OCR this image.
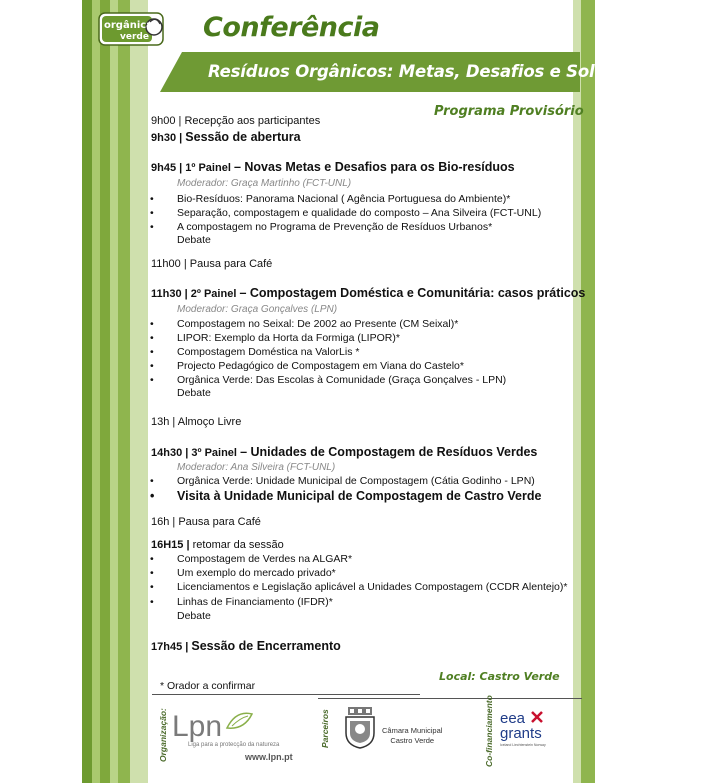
orgânica
verde Conferência
Resíduos Orgânicos: Metas, Desafios e Soluções
Programa Provisório
9h00 | Recepção aos participantes
9h30 | Sessão de abertura
9h45 | 1º Painel – Novas Metas e Desafios para os Bio-resíduos
Moderador: Graça Martinho (FCT-UNL)
• Bio-Resíduos: Panorama Nacional ( Agência Portuguesa do Ambiente)*
• Separação, compostagem e qualidade do composto – Ana Silveira (FCT-UNL)
• A compostagem no Programa de Prevenção de Resíduos Urbanos*
Debate
11h00 | Pausa para Café
11h30 | 2º Painel – Compostagem Doméstica e Comunitária: casos práticos
Moderador: Graça Gonçalves (LPN)
• Compostagem no Seixal: De 2002 ao Presente (CM Seixal)*
• LIPOR: Exemplo da Horta da Formiga (LIPOR)*
• Compostagem Doméstica na ValorLis *
• Projecto Pedagógico de Compostagem em Viana do Castelo*
• Orgânica Verde: Das Escolas à Comunidade (Graça Gonçalves - LPN)
Debate
13h | Almoço Livre
14h30 | 3º Painel – Unidades de Compostagem de Resíduos Verdes
Moderador: Ana Silveira (FCT-UNL)
• Orgânica Verde: Unidade Municipal de Compostagem (Cátia Godinho - LPN)
• Visita à Unidade Municipal de Compostagem de Castro Verde
16h | Pausa para Café
16H15 | retomar da sessão
• Compostagem de Verdes na ALGAR*
• Um exemplo do mercado privado*
• Licenciamentos e Legislação aplicável a Unidades Compostagem (CCDR Alentejo)*
• Linhas de Financiamento (IFDR)*
Debate
17h45 | Sessão de Encerramento
Local: Castro Verde
* Orador a confirmar
Organização: Lpn
Liga para a protecção da natureza
www.lpn.pt
Parceiros	Câmara Municipal
Castro Verde	Co-financiamento eea
grants
Iceland Liechtenstein Norway
